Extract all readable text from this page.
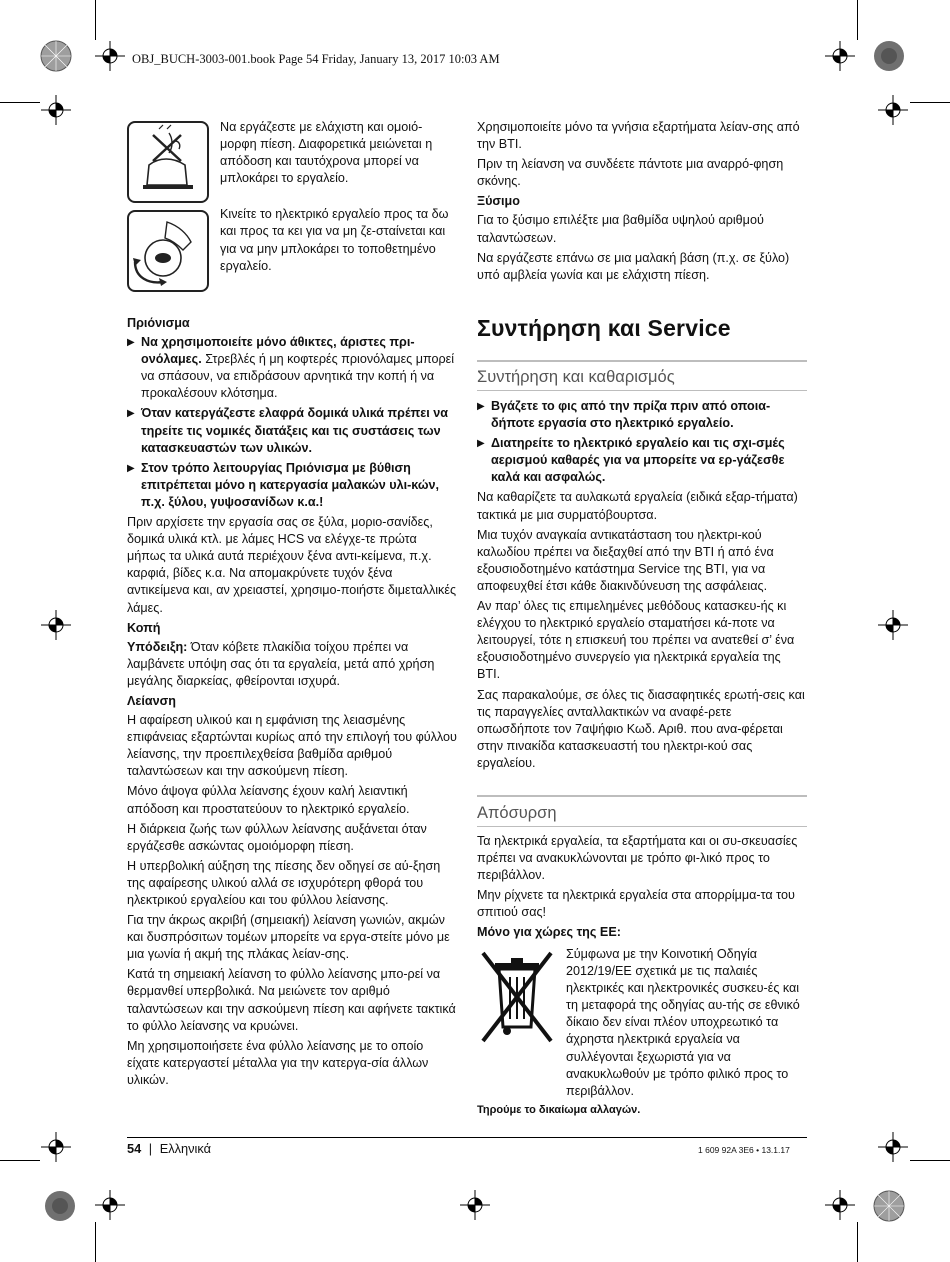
OBJ_BUCH-3003-001.book Page 54 Friday, January 13, 2017 10:03 AM

Να εργάζεστε με ελάχιστη και ομοιό-μορφη πίεση. Διαφορετικά μειώνεται η απόδοση και ταυτόχρονα μπορεί να μπλοκάρει το εργαλείο.

Κινείτε το ηλεκτρικό εργαλείο προς τα δω και προς τα κει για να μη ζε-σταίνεται και για να μην μπλοκάρει το τοποθετημένο εργαλείο.

Πριόνισμα
▶ Να χρησιμοποιείτε μόνο άθικτες, άριστες πρι-ονόλαμες. Στρεβλές ή μη κοφτερές πριονόλαμες μπορεί να σπάσουν, να επιδράσουν αρνητικά την κοπή ή να προκαλέσουν κλότσημα.
▶ Όταν κατεργάζεστε ελαφρά δομικά υλικά πρέπει να τηρείτε τις νομικές διατάξεις και τις συστάσεις των κατασκευαστών των υλικών.
▶ Στον τρόπο λειτουργίας Πριόνισμα με βύθιση επιτρέπεται μόνο η κατεργασία μαλακών υλι-κών, π.χ. ξύλου, γυψοσανίδων κ.α.!

Πριν αρχίσετε την εργασία σας σε ξύλα, μοριο-σανίδες, δομικά υλικά κτλ. με λάμες HCS να ελέγχε-τε πρώτα μήπως τα υλικά αυτά περιέχουν ξένα αντι-κείμενα, π.χ. καρφιά, βίδες κ.α. Να απομακρύνετε τυχόν ξένα αντικείμενα και, αν χρειαστεί, χρησιμο-ποιήστε διμεταλλικές λάμες.

Κοπή

Υπόδειξη: Όταν κόβετε πλακίδια τοίχου πρέπει να λαμβάνετε υπόψη σας ότι τα εργαλεία, μετά από χρήση μεγάλης διαρκείας, φθείρονται ισχυρά.

Λείανση

Η αφαίρεση υλικού και η εμφάνιση της λειασμένης επιφάνειας εξαρτώνται κυρίως από την επιλογή του φύλλου λείανσης, την προεπιλεχθείσα βαθμίδα αριθμού ταλαντώσεων και την ασκούμενη πίεση.

Μόνο άψογα φύλλα λείανσης έχουν καλή λειαντική απόδοση και προστατεύουν το ηλεκτρικό εργαλείο.

Η διάρκεια ζωής των φύλλων λείανσης αυξάνεται όταν εργάζεσθε ασκώντας ομοιόμορφη πίεση.

Η υπερβολική αύξηση της πίεσης δεν οδηγεί σε αύ-ξηση της αφαίρεσης υλικού αλλά σε ισχυρότερη φθορά του ηλεκτρικού εργαλείου και του φύλλου λείανσης.

Για την άκρως ακριβή (σημειακή) λείανση γωνιών, ακμών και δυσπρόσιτων τομέων μπορείτε να εργα-στείτε μόνο με μια γωνία ή ακμή της πλάκας λείαν-σης.

Κατά τη σημειακή λείανση το φύλλο λείανσης μπο-ρεί να θερμανθεί υπερβολικά. Να μειώνετε τον αριθμό ταλαντώσεων και την ασκούμενη πίεση και αφήνετε τακτικά το φύλλο λείανσης να κρυώνει.

Μη χρησιμοποιήσετε ένα φύλλο λείανσης με το οποίο είχατε κατεργαστεί μέταλλα για την κατεργα-σία άλλων υλικών.

Χρησιμοποιείτε μόνο τα γνήσια εξαρτήματα λείαν-σης από την BTI.

Πριν τη λείανση να συνδέετε πάντοτε μια αναρρό-φηση σκόνης.

Ξύσιμο

Για το ξύσιμο επιλέξτε μια βαθμίδα υψηλού αριθμού ταλαντώσεων.

Να εργάζεστε επάνω σε μια μαλακή βάση (π.χ. σε ξύλο) υπό αμβλεία γωνία και με ελάχιστη πίεση.

Συντήρηση και Service
Συντήρηση και καθαρισμός
▶ Βγάζετε το φις από την πρίζα πριν από οποια-δήποτε εργασία στο ηλεκτρικό εργαλείο.
▶ Διατηρείτε το ηλεκτρικό εργαλείο και τις σχι-σμές αερισμού καθαρές για να μπορείτε να ερ-γάζεσθε καλά και ασφαλώς.

Να καθαρίζετε τα αυλακωτά εργαλεία (ειδικά εξαρ-τήματα) τακτικά με μια συρματόβουρτσα.

Μια τυχόν αναγκαία αντικατάσταση του ηλεκτρι-κού καλωδίου πρέπει να διεξαχθεί από την BTI ή από ένα εξουσιοδοτημένο κατάστημα Service της BTI, για να αποφευχθεί έτσι κάθε διακινδύνευση της ασφάλειας.

Αν παρ’ όλες τις επιμελημένες μεθόδους κατασκευ-ής κι ελέγχου το ηλεκτρικό εργαλείο σταματήσει κά-ποτε να λειτουργεί, τότε η επισκευή του πρέπει να ανατεθεί σ’ ένα εξουσιοδοτημένο συνεργείο για ηλεκτρικά εργαλεία της BTI.

Σας παρακαλούμε, σε όλες τις διασαφητικές ερωτή-σεις και τις παραγγελίες ανταλλακτικών να αναφέ-ρετε οπωσδήποτε τον 7αψήφιο Κωδ. Αριθ. που ανα-φέρεται στην πινακίδα κατασκευαστή του ηλεκτρι-κού σας εργαλείου.

Απόσυρση

Τα ηλεκτρικά εργαλεία, τα εξαρτήματα και οι συ-σκευασίες πρέπει να ανακυκλώνονται με τρόπο φι-λικό προς το περιβάλλον.

Μην ρίχνετε τα ηλεκτρικά εργαλεία στα απορρίμμα-τα του σπιτιού σας!

Μόνο για χώρες της ΕΕ:
Σύμφωνα με την Κοινοτική Οδηγία 2012/19/ΕΕ σχετικά με τις παλαιές ηλεκτρικές και ηλεκτρονικές συσκευ-ές και τη μεταφορά της οδηγίας αυ-τής σε εθνικό δίκαιο δεν είναι πλέον υποχρεωτικό τα άχρηστα ηλεκτρικά εργαλεία να συλλέγονται ξεχωριστά για να ανακυκλωθούν με τρόπο φιλικό προς το περιβάλλον.
Τηρούμε το δικαίωμα αλλαγών.
54 | Ελληνικά	1 609 92A 3E6 • 13.1.17
